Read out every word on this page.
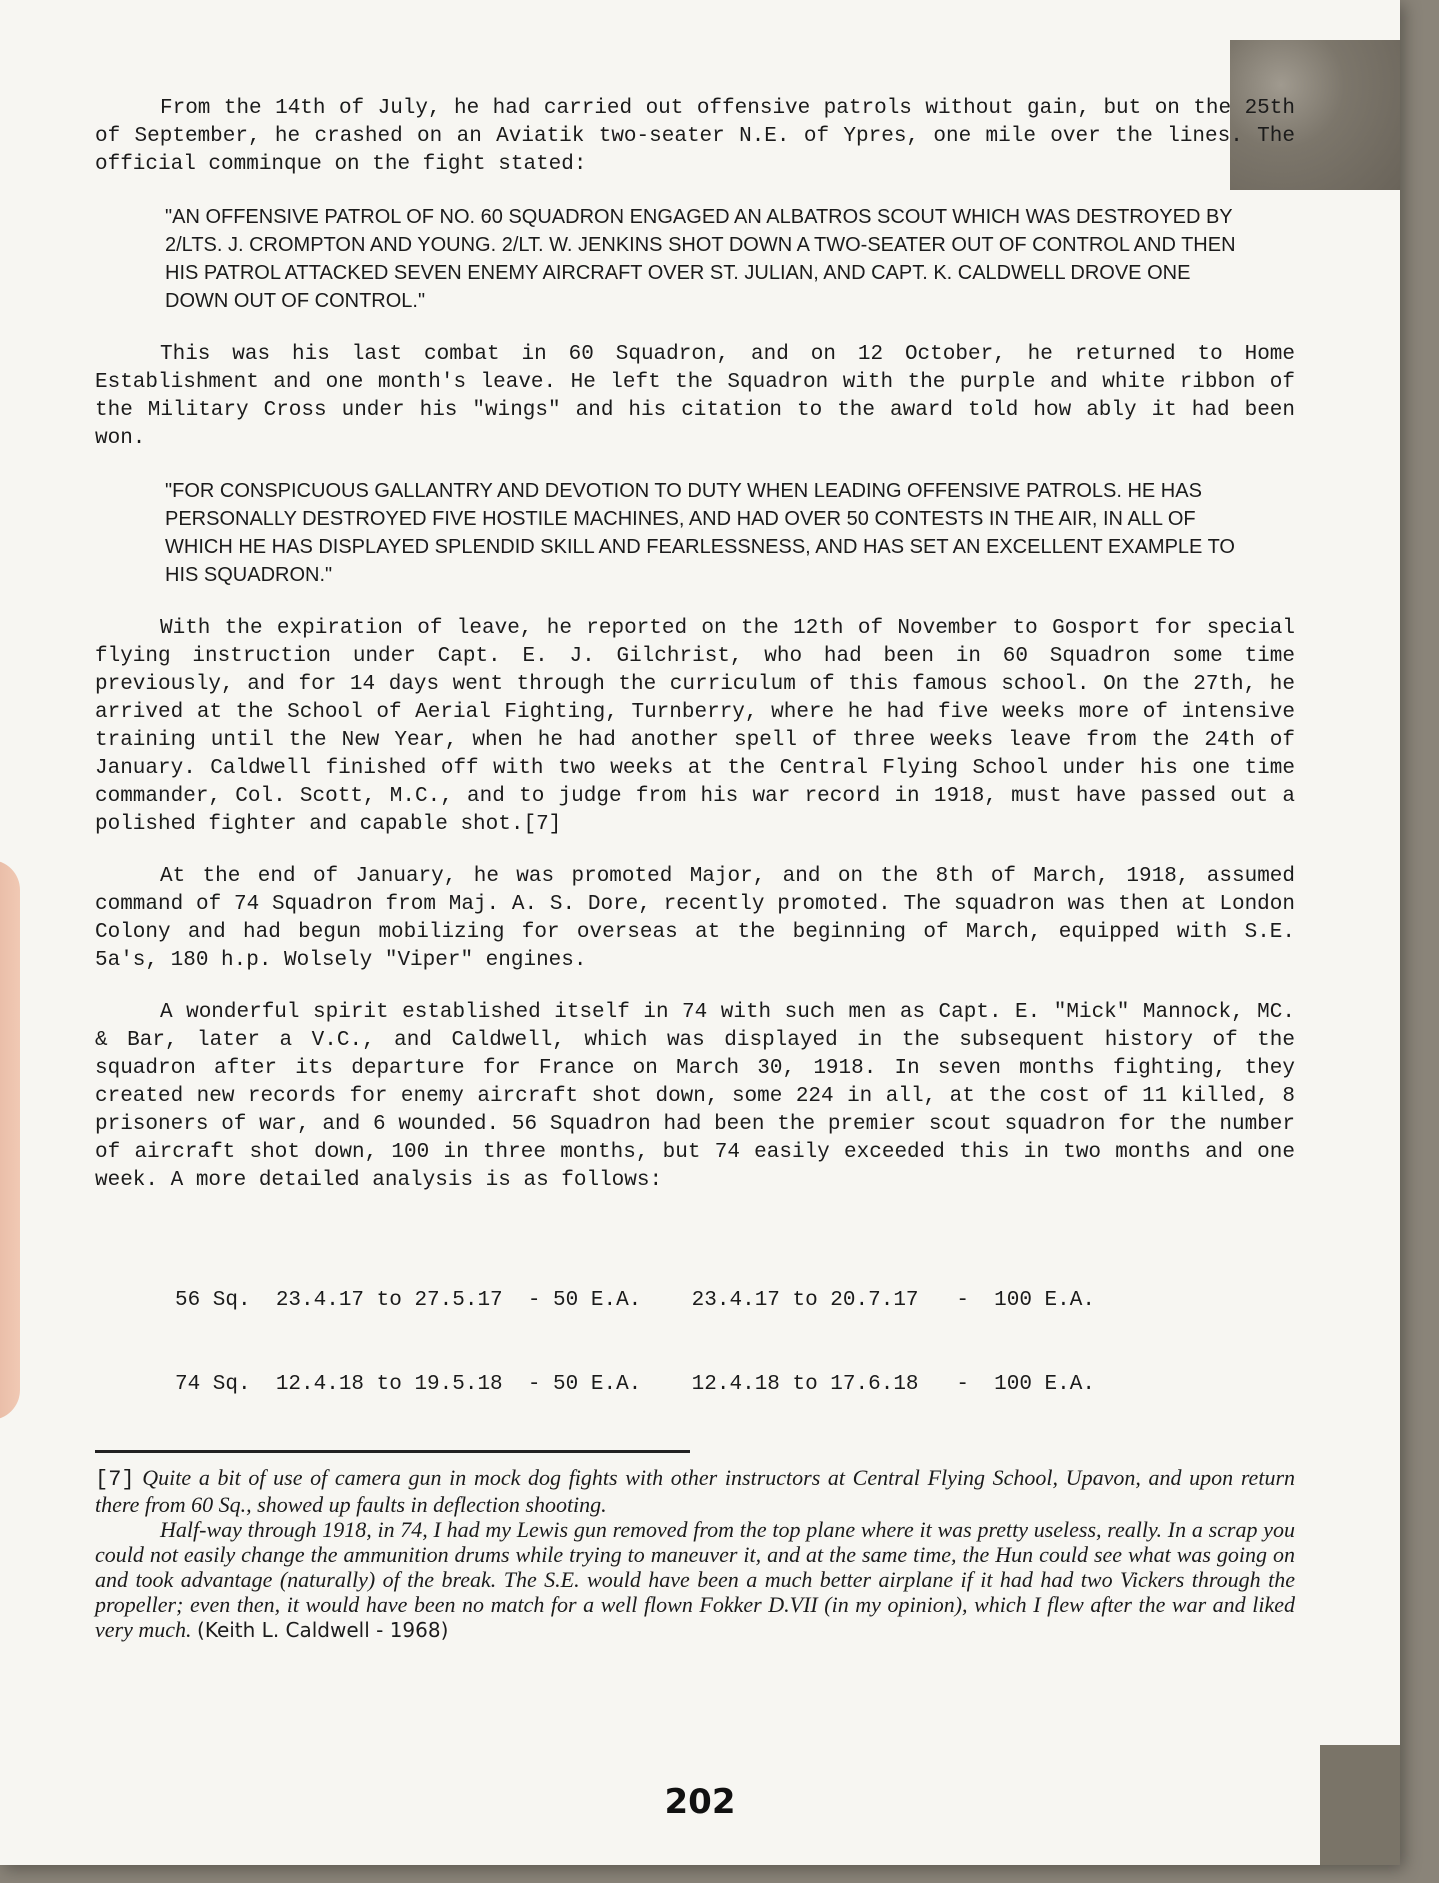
From the 14th of July, he had carried out offensive patrols without gain, but on the 25th of September, he crashed on an Aviatik two-seater N.E. of Ypres, one mile over the lines. The official comminque on the fight stated:

"AN OFFENSIVE PATROL OF NO. 60 SQUADRON ENGAGED AN ALBATROS SCOUT WHICH WAS DESTROYED BY 2/LTS. J. CROMPTON AND YOUNG. 2/LT. W. JENKINS SHOT DOWN A TWO-SEATER OUT OF CONTROL AND THEN HIS PATROL ATTACKED SEVEN ENEMY AIRCRAFT OVER ST. JULIAN, AND CAPT. K. CALDWELL DROVE ONE DOWN OUT OF CONTROL."

This was his last combat in 60 Squadron, and on 12 October, he returned to Home Establishment and one month's leave. He left the Squadron with the purple and white ribbon of the Military Cross under his "wings" and his citation to the award told how ably it had been won.

"FOR CONSPICUOUS GALLANTRY AND DEVOTION TO DUTY WHEN LEADING OFFENSIVE PATROLS. HE HAS PERSONALLY DESTROYED FIVE HOSTILE MACHINES, AND HAD OVER 50 CONTESTS IN THE AIR, IN ALL OF WHICH HE HAS DISPLAYED SPLENDID SKILL AND FEARLESSNESS, AND HAS SET AN EXCELLENT EXAMPLE TO HIS SQUADRON."

With the expiration of leave, he reported on the 12th of November to Gosport for special flying instruction under Capt. E. J. Gilchrist, who had been in 60 Squadron some time previously, and for 14 days went through the curriculum of this famous school. On the 27th, he arrived at the School of Aerial Fighting, Turnberry, where he had five weeks more of intensive training until the New Year, when he had another spell of three weeks leave from the 24th of January. Caldwell finished off with two weeks at the Central Flying School under his one time commander, Col. Scott, M.C., and to judge from his war record in 1918, must have passed out a polished fighter and capable shot.[7]

At the end of January, he was promoted Major, and on the 8th of March, 1918, assumed command of 74 Squadron from Maj. A. S. Dore, recently promoted. The squadron was then at London Colony and had begun mobilizing for overseas at the beginning of March, equipped with S.E. 5a's, 180 h.p. Wolsely "Viper" engines.

A wonderful spirit established itself in 74 with such men as Capt. E. "Mick" Mannock, MC. & Bar, later a V.C., and Caldwell, which was displayed in the subsequent history of the squadron after its departure for France on March 30, 1918. In seven months fighting, they created new records for enemy aircraft shot down, some 224 in all, at the cost of 11 killed, 8 prisoners of war, and 6 wounded. 56 Squadron had been the premier scout squadron for the number of aircraft shot down, 100 in three months, but 74 easily exceeded this in two months and one week. A more detailed analysis is as follows:

56 Sq.  23.4.17 to 27.5.17  - 50 E.A.    23.4.17 to 20.7.17   -  100 E.A.

74 Sq.  12.4.18 to 19.5.18  - 50 E.A.    12.4.18 to 17.6.18   -  100 E.A.

[7] Quite a bit of use of camera gun in mock dog fights with other instructors at Central Flying School, Upavon, and upon return there from 60 Sq., showed up faults in deflection shooting.

Half-way through 1918, in 74, I had my Lewis gun removed from the top plane where it was pretty useless, really. In a scrap you could not easily change the ammunition drums while trying to maneuver it, and at the same time, the Hun could see what was going on and took advantage (naturally) of the break. The S.E. would have been a much better airplane if it had had two Vickers through the propeller; even then, it would have been no match for a well flown Fokker D.VII (in my opinion), which I flew after the war and liked very much. (Keith L. Caldwell - 1968)

202
